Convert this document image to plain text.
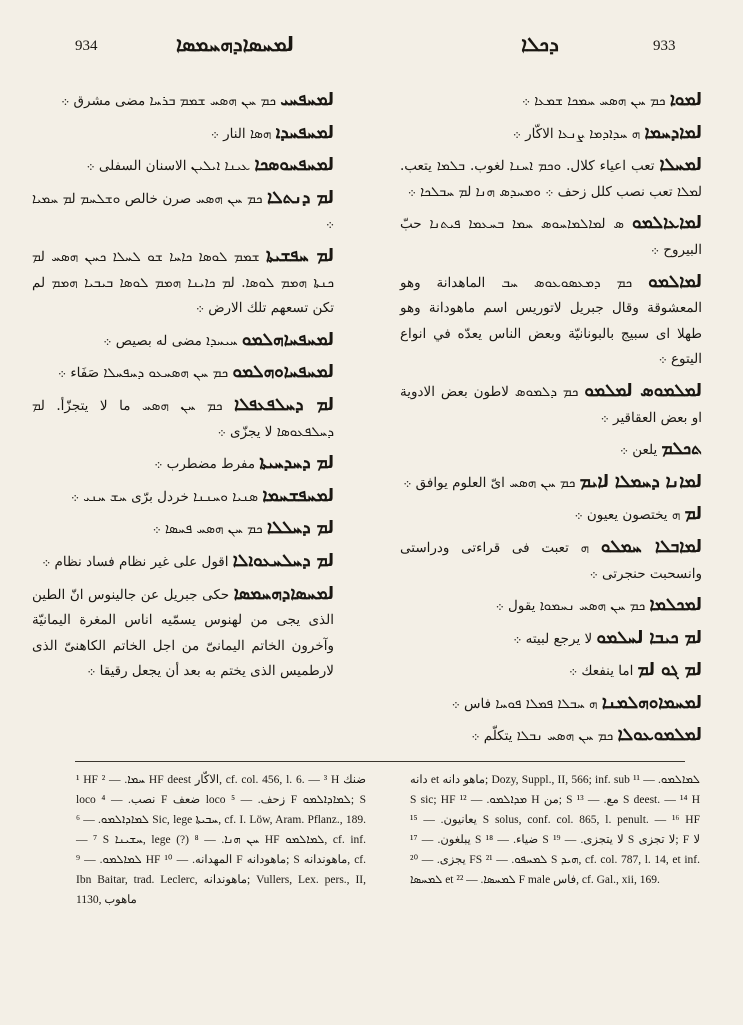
934	لܡܚܣܐܕܗܚܡܣܐ	ܕܟܠܐ	933

لܡܚܦܚܝ ܟܡ ܚܢ ܗܣܚ ܫܡܡ ܒܪܚܐ مضى مشرق ܀

لܡܚܦܚܕܐ ܗܣܐ النار ܀

لܡܚܦܚܘܣܟܐ ܥܝܢܐ ܐܝܠܝܢ الاسنان السفلى ܀

لܡ ܕܢܬܠܐ ܟܡ ܚܢ ܗܣܚ صرن خالص ܘܫܠܚܡ لܡ ܚܡܝܐ ܀

لܡ ܚܦܫܝܬܐ ܫܡܡ ܠܘܣܐ ܟܐܚܐ ܫܘ ܠܚܠܐ ܟܚܢ ܗܣܚ لܡ ܟܢܬܐ ܗܡܡ ܠܘܣܐ. لܡ ܟܐܝܢܐ ܗܡܡ ܠܘܣܐ ܒܝܒܝܐ ܗܡܡ لم تكن تسعهم تلك الارض ܀

لܡܚܦܚܐܗܠܡܘ ܚܝܚܕܐ مضى له بصيص ܀

لܡܚܦܚܐܘܗܠܡܘ ܟܡ ܚܢ ܗܣܚܥܘ ܕܚܦܚܠܐ صَفَاء ܀

لܡ ܕܚܠܦܥܦܠܐ ܟܡ ܚܢ ܗܣܚ ما لا يتجزّأ. لܡ ܕܚܠܦܥܘܣܐ لا يجزّى ܀

لܡ ܕܚܕܚܝܬܐ مفرط مضطرب ܀

لܡܚܦܫܚܡܐ ܣܢܝܐ ܘܚܢܢܐ خردل برّى ܚܫ ܚܢܝ ܀

لܡ ܕܚܠܠܐ ܟܡ ܚܢ ܗܣܚ ܦܚܣܐ ܀

لܡ ܕܚܠܚܥܘܐܠܐ اقول على غير نظام فساد نظام ܀

لܡܚܣܐܕܗܚܡܣܐ حكى جبريل عن جالينوس انّ الطين الذى يجى من لهنوس يسمّيه اناس المغرة اليمانيّة وآخرون الخاتم اليمانىّ من اجل الخاتم الكاهنىّ الذى لارطميس الذى يختم به بعد أن يجعل رقيقا ܀

لܡܘܐ ܟܡ ܚܢ ܗܣܚ ܚܡܟܐ ܫܡܥܐ ܀

لܡܐܕܚܡܐ ܗ ܚܕܐܕܡܐ ܨܢܥܐ الاكّار ܀

لܡܚܠܐ تعب اعياء كلال. ܘܟܡ ܐܚܢܐ لغوب. ܒܠܡܐ يتعب. لܡܠܐ تعب نصب كلل زحف ܀ ܘܡܚܕܣ ܗܢܐ لܡ ܚܒܠܟܐ ܀

لܡܐܥܐܠܡܘ ܣ لܡܐܠܡܐܚܘܣ ܚܡܐ ܒܚܥܡܐ ܦܝܬܢܐ حبّ البيروح ܀

لܡܐܠܡܘ ܟܡ ܕܡܥܣܘܥܘܣ ܚܒ الماهدانة وهو المعشوقة وقال جبريل لاتوريس اسم ماهودانة وهو طهلا اى سبيج بالبونانيّة وبعض الناس يعدّه في انواع اليتوع ܀

لܡܠܡܘܣ لܡܠܡܘ ܟܡ ܕܠܡܘܣ لاطون بعض الادوية او بعض العقاقير ܀

ܬܟܠܡ يلعن ܀

لܡܐܢܐ ܕܚܡܠܐ لܐܝܡ ܟܡ ܚܢ ܗܣܚ اىّ العلوم يوافق ܀

لܡ ܗ يختصون يعيون ܀

لܡܐܒܠܐ ܚܡܠܘ ܗ تعبت فى قراءتى ودراستى وانسحبت حنجرتى ܀

لܡܟܠܡܐ ܟܡ ܚܢ ܗܣܚ ܢܚܡܘܐ يقول ܀

لܡ ܟܝܒܐ لܚܠܡܘ لا يرجع لبيته ܀

لܡ ܓܘ لܡ اما ينفعك ܀

لܡܚܡܐܘܗܠܡܢܐ ܗ ܚܒܠܐ ܦܡܠܐ ܦܘܚܐ فاس ܀

لܡܠܡܘܥܘܠܐ ܟܡ ܚܢ ܗܣܚ ܢܒܠܐ يتكلّم ܀

¹ HF ܚܡܐ. — ² HF deest الاكّار, cf. col. 456, l. 6. — ³ H ضنك loco نصب. — ⁴ F ضعف loco زحف. — ⁵ F ܠܡܐܕܐܠܡܘ; S ܠܡܐܕܐܠܡܘ. — ⁶ Sic, lege ܚܒܝܬܐ, cf. I. Löw, Aram. Pflanz., 189. — ⁷ S ܚܫܝܢܐ, lege (?) ܚܢ ܗܢܐ. — ⁸ HF ܠܡܐܠܡܘ, cf. inf. ܠܡܐܠܡܘ. — ⁹ HF المهدانه. — ¹⁰ F ماهودانه; S ماهوندانه, cf. Ibn Baitar, trad. Leclerc, ماهوندانه; Vullers, Lex. pers., II, 1130, ماهوب

دانه et ماهو دانه; Dozy, Suppl., II, 566; inf. sub ܠܡܐܠܡܘ. — ¹¹ S sic; HF ܡܕܐܠܡܘ. — ¹² H من; S مع. — ¹³ S deest. — ¹⁴ H يعانيون. — ¹⁵ S solus, conf. col. 865, l. penult. — ¹⁶ HF يبلغون. — ¹⁷ S ضياء. — ¹⁸ S لا يتجزى. — ¹⁹ S لا تجزى; F لا يجزى. — ²⁰ FS ܠܡܚܦܘ. — ²¹ S ܗܝܕ, cf. col. 787, l. 14, et inf. ܠܡܚܣܐ et ܠܡܚܣܐ. — ²² F male فاس, cf. Gal., xii, 169.
